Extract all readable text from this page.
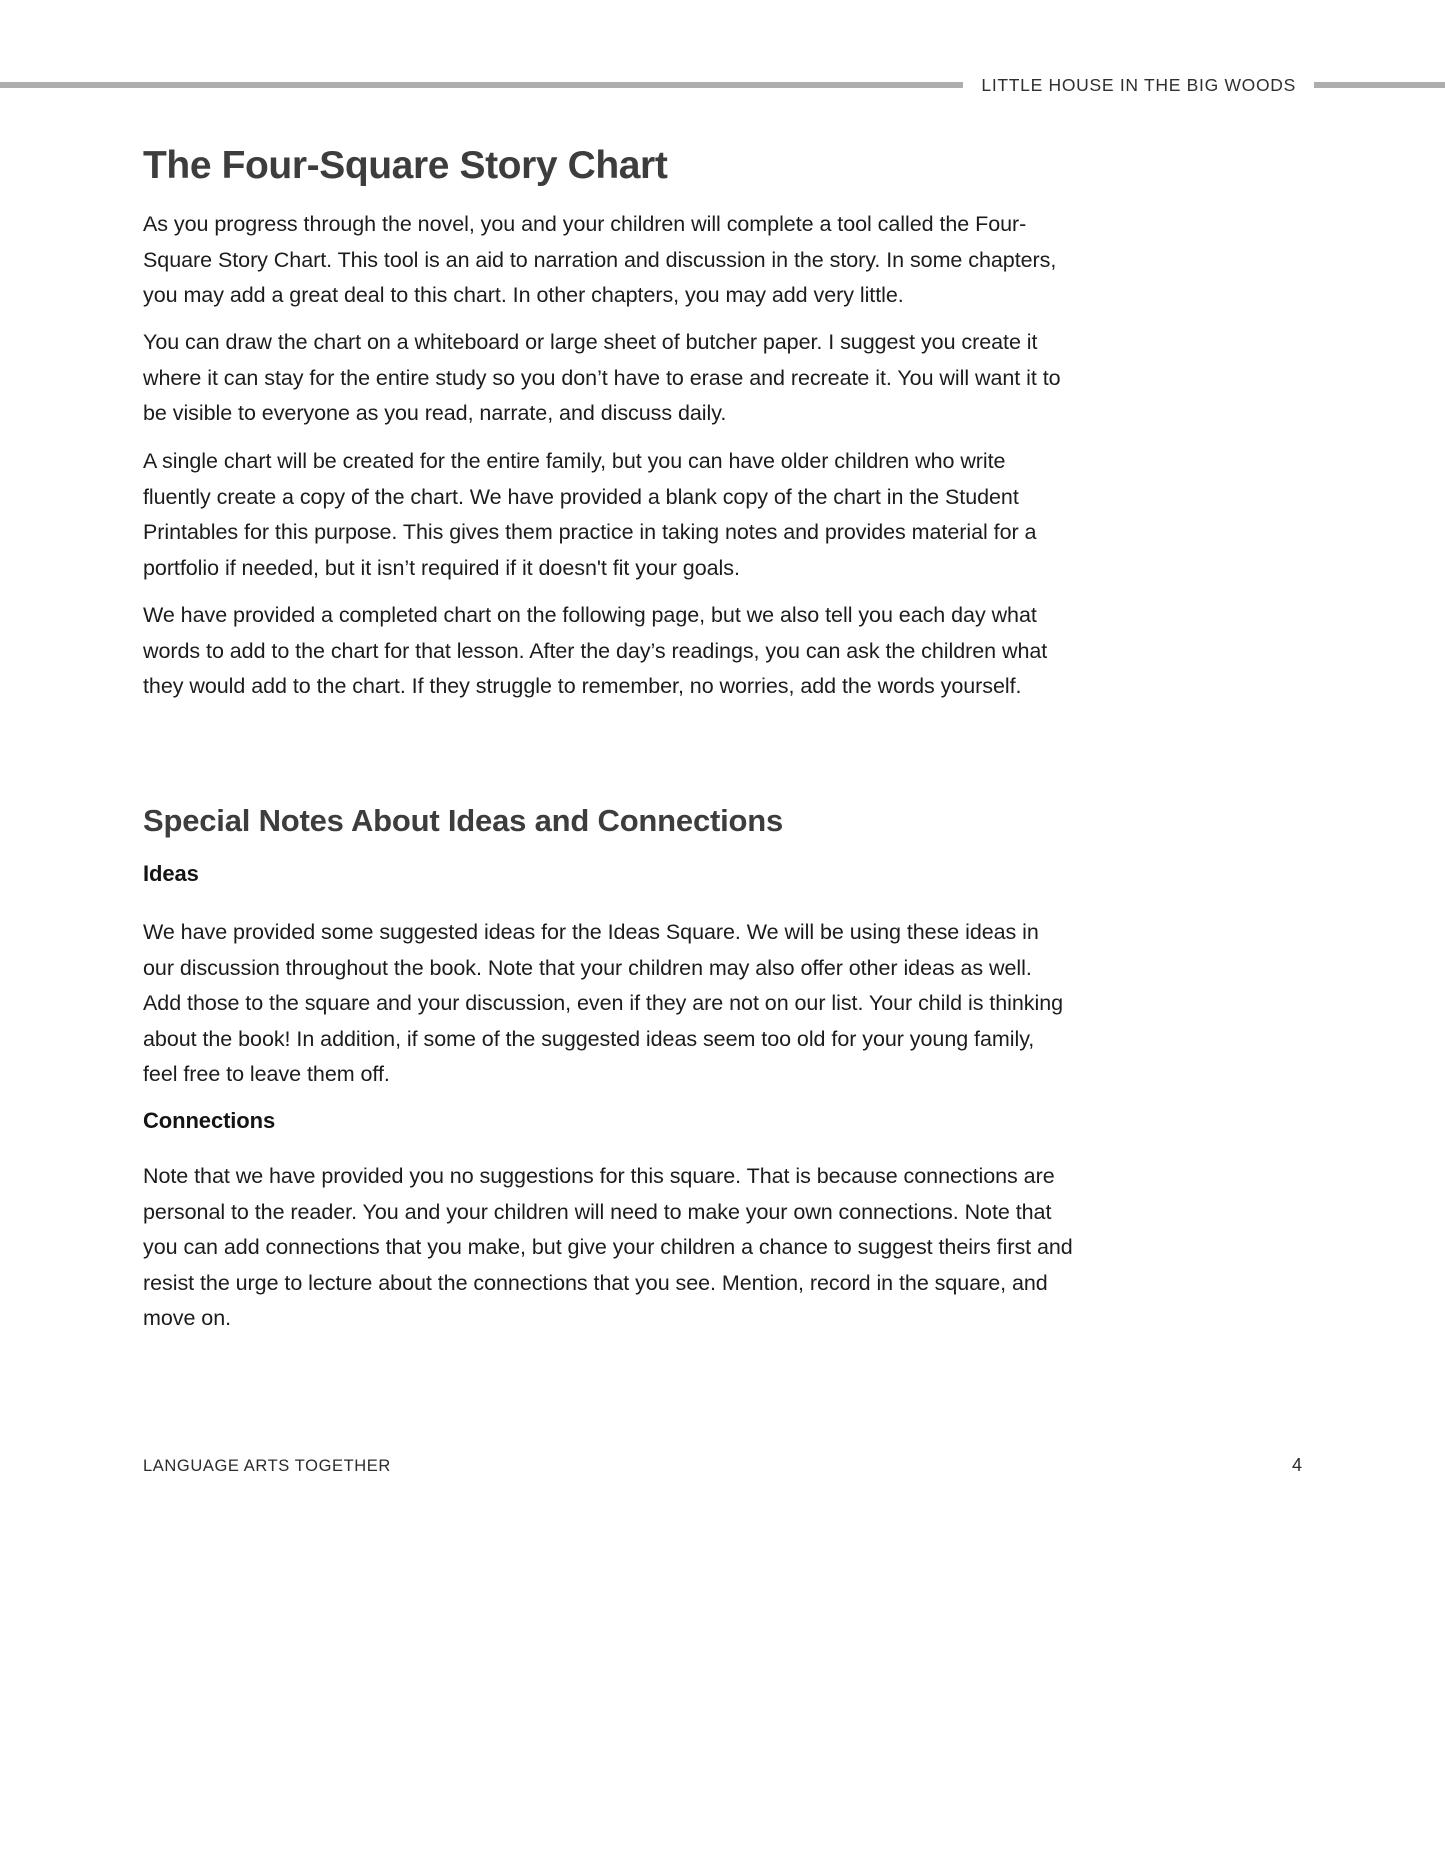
LITTLE HOUSE IN THE BIG WOODS
The Four-Square Story Chart

As you progress through the novel, you and your children will complete a tool called the Four-Square Story Chart. This tool is an aid to narration and discussion in the story. In some chapters, you may add a great deal to this chart. In other chapters, you may add very little.

You can draw the chart on a whiteboard or large sheet of butcher paper. I suggest you create it where it can stay for the entire study so you don’t have to erase and recreate it. You will want it to be visible to everyone as you read, narrate, and discuss daily.

A single chart will be created for the entire family, but you can have older children who write fluently create a copy of the chart. We have provided a blank copy of the chart in the Student Printables for this purpose. This gives them practice in taking notes and provides material for a portfolio if needed, but it isn’t required if it doesn't fit your goals.

We have provided a completed chart on the following page, but we also tell you each day what words to add to the chart for that lesson. After the day’s readings, you can ask the children what they would add to the chart. If they struggle to remember, no worries, add the words yourself.

Special Notes About Ideas and Connections
Ideas

We have provided some suggested ideas for the Ideas Square. We will be using these ideas in our discussion throughout the book. Note that your children may also offer other ideas as well. Add those to the square and your discussion, even if they are not on our list. Your child is thinking about the book! In addition, if some of the suggested ideas seem too old for your young family, feel free to leave them off.

Connections

Note that we have provided you no suggestions for this square. That is because connections are personal to the reader. You and your children will need to make your own connections. Note that you can add connections that you make, but give your children a chance to suggest theirs first and resist the urge to lecture about the connections that you see. Mention, record in the square, and move on.

LANGUAGE ARTS TOGETHER	4
